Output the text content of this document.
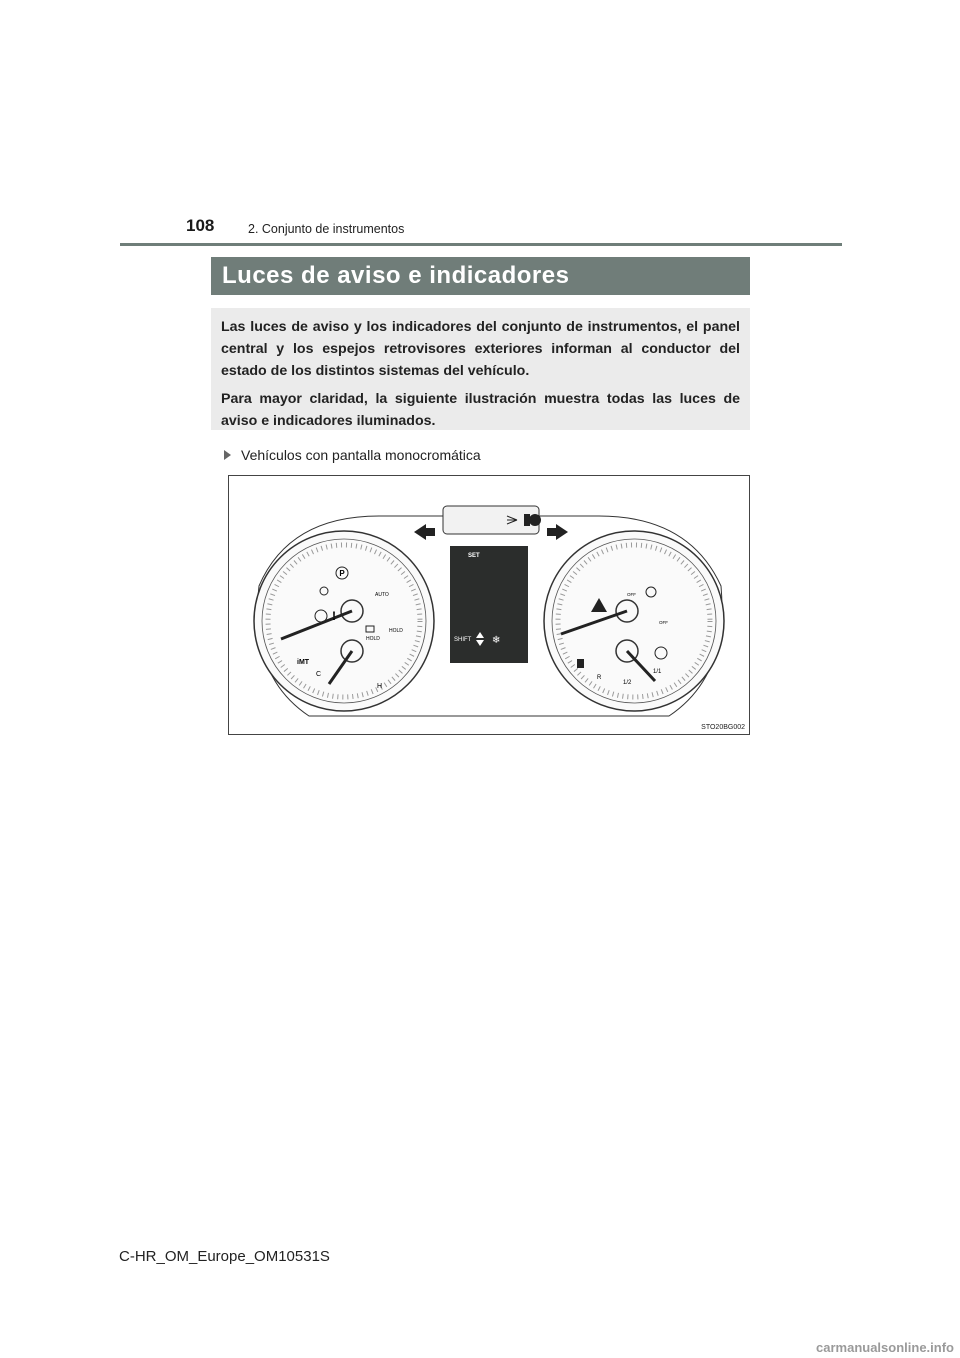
108	2. Conjunto de instrumentos
Luces de aviso e indicadores

Las luces de aviso y los indicadores del conjunto de instrumentos, el panel central y los espejos retrovisores exteriores informan al conductor del estado de los distintos sistemas del vehículo.

Para mayor claridad, la siguiente ilustración muestra todas las luces de aviso e indicadores iluminados.

Vehículos con pantalla monocromática
P
!
AUTO
HOLD
HOLD
iMT
C
H
SET
SHIFT ❄
OFF
OFF
R
1/2
1/1
STO20BG002
C-HR_OM_Europe_OM10531S
carmanualsonline.info
